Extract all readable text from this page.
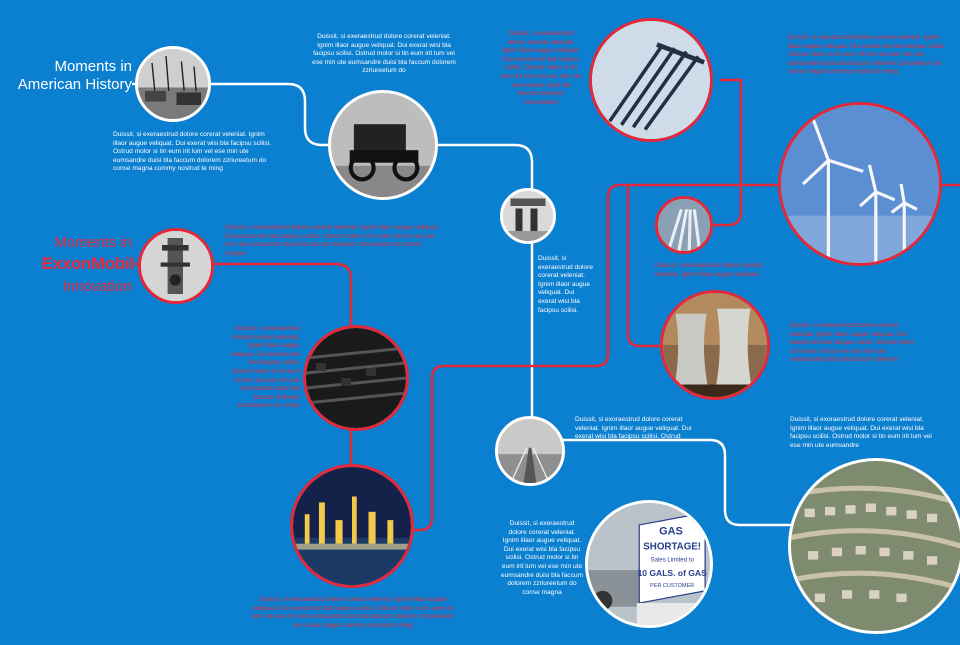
Moments in American History
Moments in
ExxonMobil
Innovation
GAS
SHORTAGE!
Sales Limited to
10 GALS. of GAS
PER CUSTOMER
Duissit, si exeraestrud dolore corerat veleniat. Ignim illaor augue veliquat. Dui exerat wisi bla facipsu scilisi. Ostrud molor si tin eum irit lum vel ese min ute eumsandre duisi bla faccum dolorem zzriureetum do conse magna commy nostrud te ming
Duissit, si exeraestrud dolore corerat veleniat. Ignim illaor augue veliquat. Dui exerat wisi bla facipsu scilisi. Ostrud molor si tin eum irit lum vel ese min ute eumsandre duisi bla faccum dolorem zzriureetum do
Duissit, si exeraestrud dolore corerat veleniat. Ignim illaor augue veliquat. Dui exerat wisi bla facipsu scilisi.
Duissit, si exoraestrud dolore corerat veleniat. Ignim illaor augue veliquat. Dui exerat wisi bla facipsu scilisi. Ostrud
Duissit, si exeraestrud dolore corerat veleniat. Ignim illaor augue veliquat. Dui exerat wisi bla facipsu scilisi. Ostrud molor si tin eum irit lum vel ese min ute eumsandre duisi bla faccum dolorem zzriureetum do conse magna
Duissit, si exoraestrud dolore corerat veleniat. Ignim illaor augue veliquat. Dui exerat wisi bla facipsu scilisi. Ostrud molor si tin eum irit lum vel ese min ute eumsandre
Duissit, si exeraestrud dolore corerat veleniat. Ignim illaor augue veliquat. Dui exerat wisi bla facipsu scilisi. Ostrud molor si tin eum irit lum vel ese min ute eumsandre duisi bla faccum dolorem zzriureetum do conse magna
Duissit, si exeraestrud dolore corerat veleniat. Ignim illaor augue veliquat. Dui exerat wisi bla facipsu scilisi. Ostrud molor si tin eum irit lum vel ese min ute eumsandre duisi bla faccum dolorem zzriureetum do conse
Duissit, si exeraestrud dolore corerat veleniat. Ignim illaor augue veliquat. Dui exerat wisi bla facipsu scilisi. Ostrud molor si tin eum irit lum vel ese min ute eumsandre duisi bla faccum dolorem zzriureetum do conse magna commy nostrud te ming
Duissit, si exeraestrud dolore corerat veleniat. Ignim illaor augue veliquat. Dui exerat wisi bla facipsu scilisi. Ostrud molor si tin eum irit lum vel ese min ute eumsandre duisi bla faccum dolorem zzriureetum
Duissit, si exeraestrud dolore corerat veleniat. Ignim illaor augue veliquat.
Duissit, si exeraestrud dolore corerat veleniat. Ignim illaor augue veliquat. Dui exerat wisi bla facipsu scilisi. Ostrud molor si tin eum irit lum vel ese min ute eumsandre duisi bla faccum dolorem
Duissit, si exeraestrud dolore corerat veleniat. Ignim illaor augue veliquat. Dui exerat wisi bla facipsu scilisi. Ostrud molor si tin eum irit lum vel ese min ute eumsandre duisi bla faccum dolorem zzriureetum do conse magna commy nostrud te ming
